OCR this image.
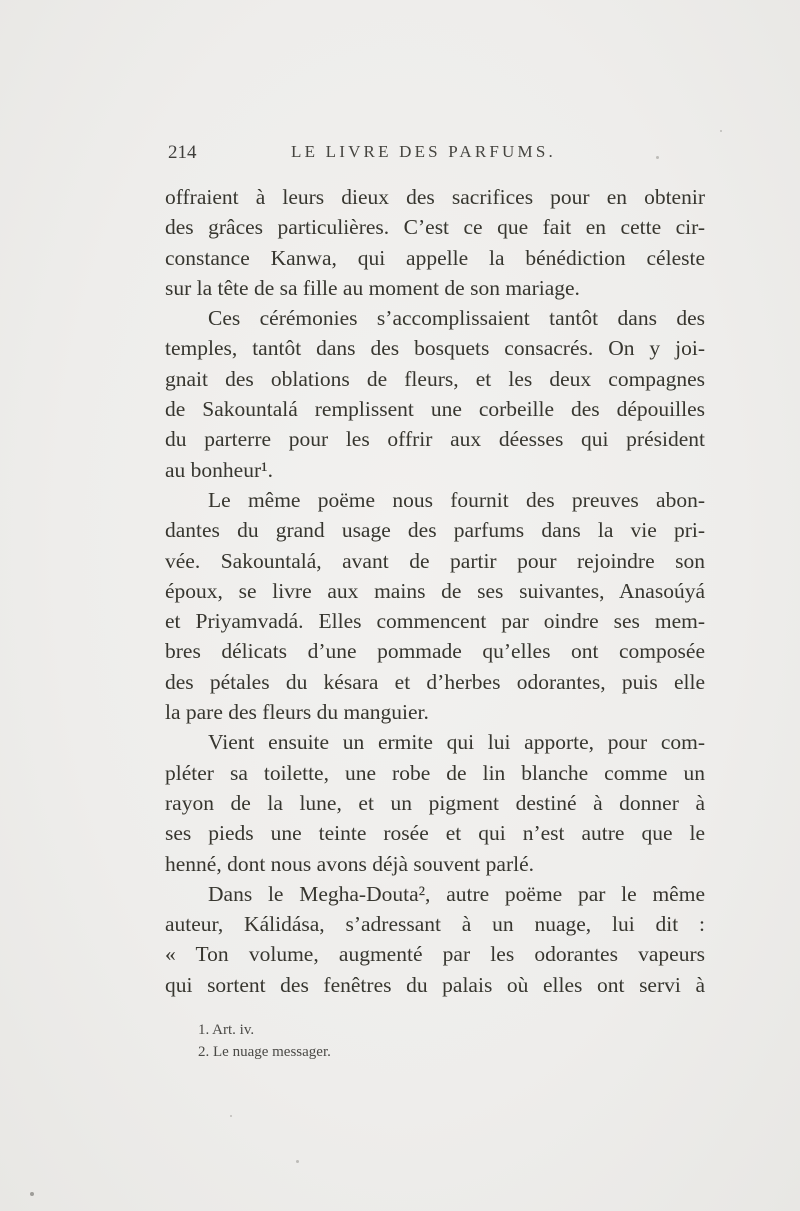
214	LE LIVRE DES PARFUMS.
offraient à leurs dieux des sacrifices pour en obtenir
des grâces particulières. C’est ce que fait en cette cir-
constance Kanwa, qui appelle la bénédiction céleste
sur la tête de sa fille au moment de son mariage.
Ces cérémonies s’accomplissaient tantôt dans des
temples, tantôt dans des bosquets consacrés. On y joi-
gnait des oblations de fleurs, et les deux compagnes
de Sakountalá remplissent une corbeille des dépouilles
du parterre pour les offrir aux déesses qui président
au bonheur¹.
Le même poëme nous fournit des preuves abon-
dantes du grand usage des parfums dans la vie pri-
vée. Sakountalá, avant de partir pour rejoindre son
époux, se livre aux mains de ses suivantes, Anasoúyá
et Priyamvadá. Elles commencent par oindre ses mem-
bres délicats d’une pommade qu’elles ont composée
des pétales du késara et d’herbes odorantes, puis elle
la pare des fleurs du manguier.
Vient ensuite un ermite qui lui apporte, pour com-
pléter sa toilette, une robe de lin blanche comme un
rayon de la lune, et un pigment destiné à donner à
ses pieds une teinte rosée et qui n’est autre que le
henné, dont nous avons déjà souvent parlé.
Dans le Megha-Douta², autre poëme par le même
auteur, Kálidása, s’adressant à un nuage, lui dit :
« Ton volume, augmenté par les odorantes vapeurs
qui sortent des fenêtres du palais où elles ont servi à
1. Art. iv.
2. Le nuage messager.
